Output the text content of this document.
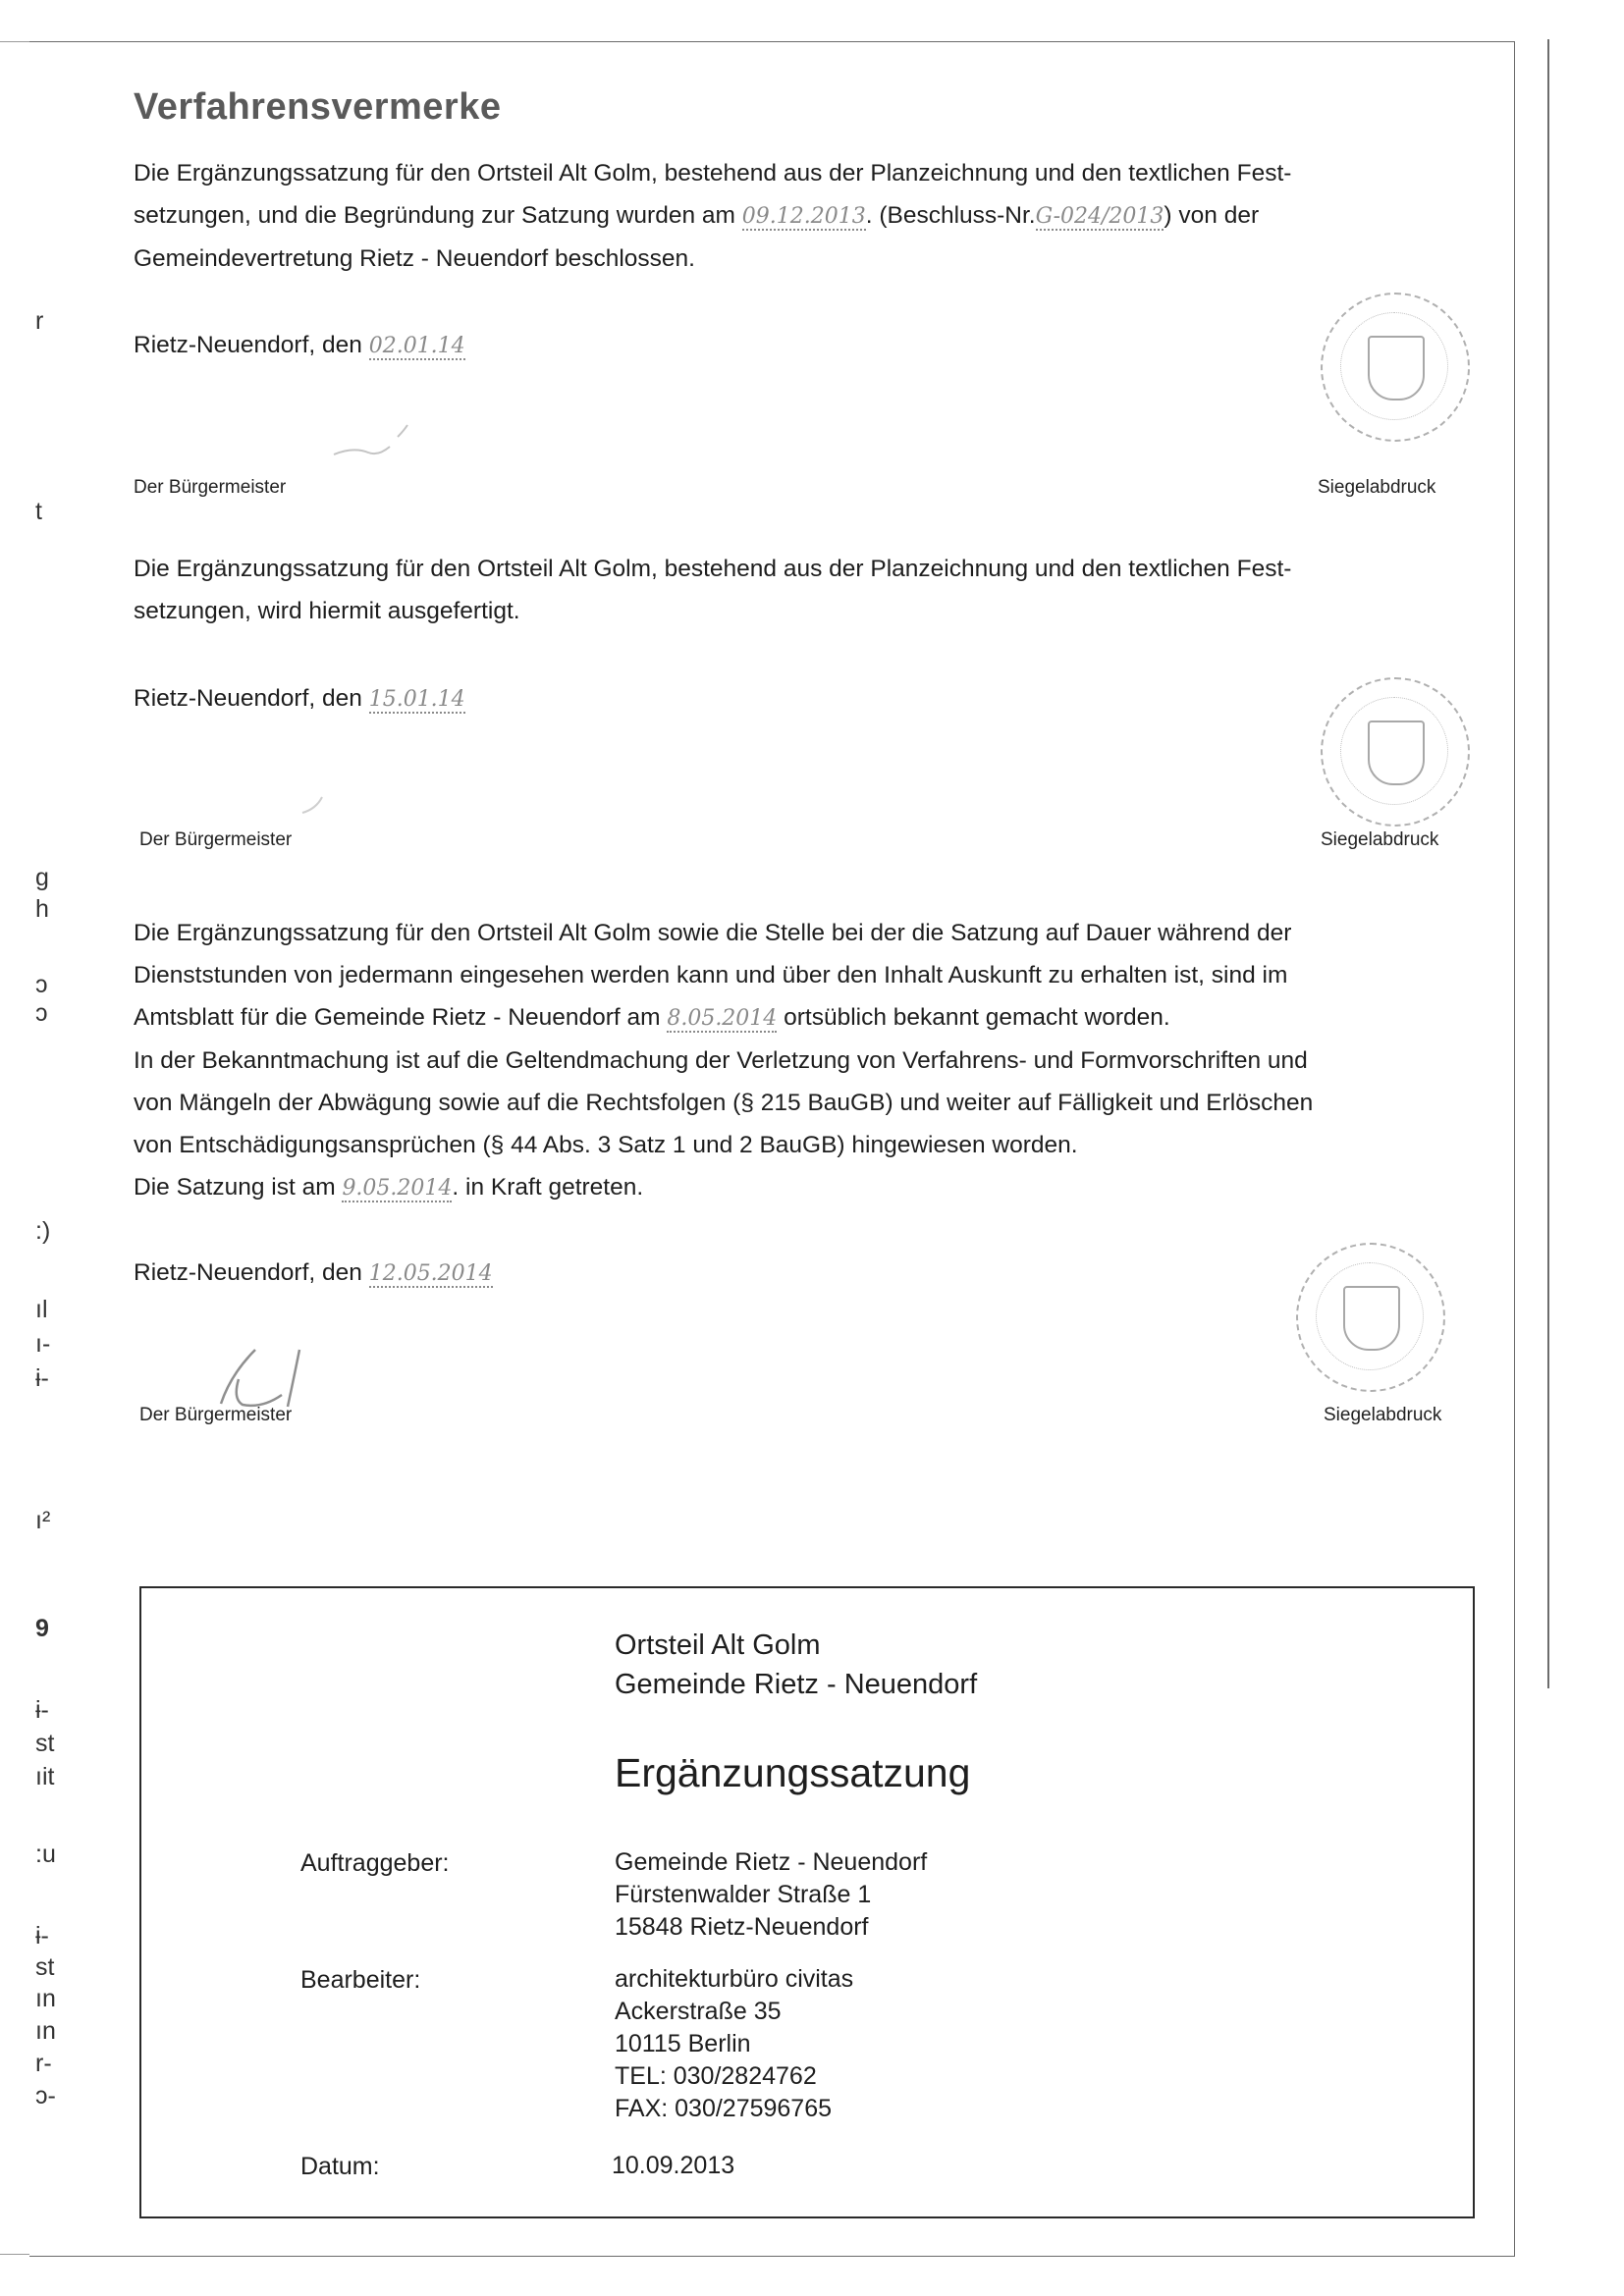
r
t
g
h
ɔ
ɔ
:)
ıl
ı-
ɨ-
ı²
9
ɨ-
st
ıit
:u
ɨ-
st
ın
ın
r-
ɔ-
Verfahrensvermerke

Die Ergänzungssatzung für den Ortsteil Alt Golm, bestehend aus der Planzeichnung und den textlichen Fest-

setzungen, und die Begründung zur Satzung wurden am 09.12.2013. (Beschluss-Nr.G-024/2013) von der

Gemeindevertretung Rietz - Neuendorf beschlossen.

Rietz-Neuendorf, den 02.01.14
Der Bürgermeister	Siegelabdruck

Die Ergänzungssatzung für den Ortsteil Alt Golm, bestehend aus der Planzeichnung und den textlichen Fest-

setzungen, wird hiermit ausgefertigt.

Rietz-Neuendorf, den 15.01.14
Der Bürgermeister	Siegelabdruck

Die Ergänzungssatzung für den Ortsteil Alt Golm sowie die Stelle bei der die Satzung auf Dauer während der

Dienststunden von jedermann eingesehen werden kann und über den Inhalt Auskunft zu erhalten ist, sind im

Amtsblatt für die Gemeinde Rietz - Neuendorf am 8.05.2014 ortsüblich bekannt gemacht worden.

In der Bekanntmachung ist auf die Geltendmachung der Verletzung von Verfahrens- und Formvorschriften und

von Mängeln der Abwägung sowie auf die Rechtsfolgen (§ 215 BauGB) und weiter auf Fälligkeit und Erlöschen

von Entschädigungsansprüchen (§ 44 Abs. 3 Satz 1 und 2 BauGB) hingewiesen worden.

Die Satzung ist am 9.05.2014. in Kraft getreten.

Rietz-Neuendorf, den 12.05.2014
Der Bürgermeister	Siegelabdruck
Ortsteil Alt Golm
Gemeinde Rietz - Neuendorf
Ergänzungssatzung
Auftraggeber:	Gemeinde Rietz - Neuendorf
Fürstenwalder Straße 1
15848 Rietz-Neuendorf
Bearbeiter:	architekturbüro civitas
Ackerstraße 35
10115 Berlin
TEL: 030/2824762
FAX: 030/27596765
Datum:	10.09.2013
